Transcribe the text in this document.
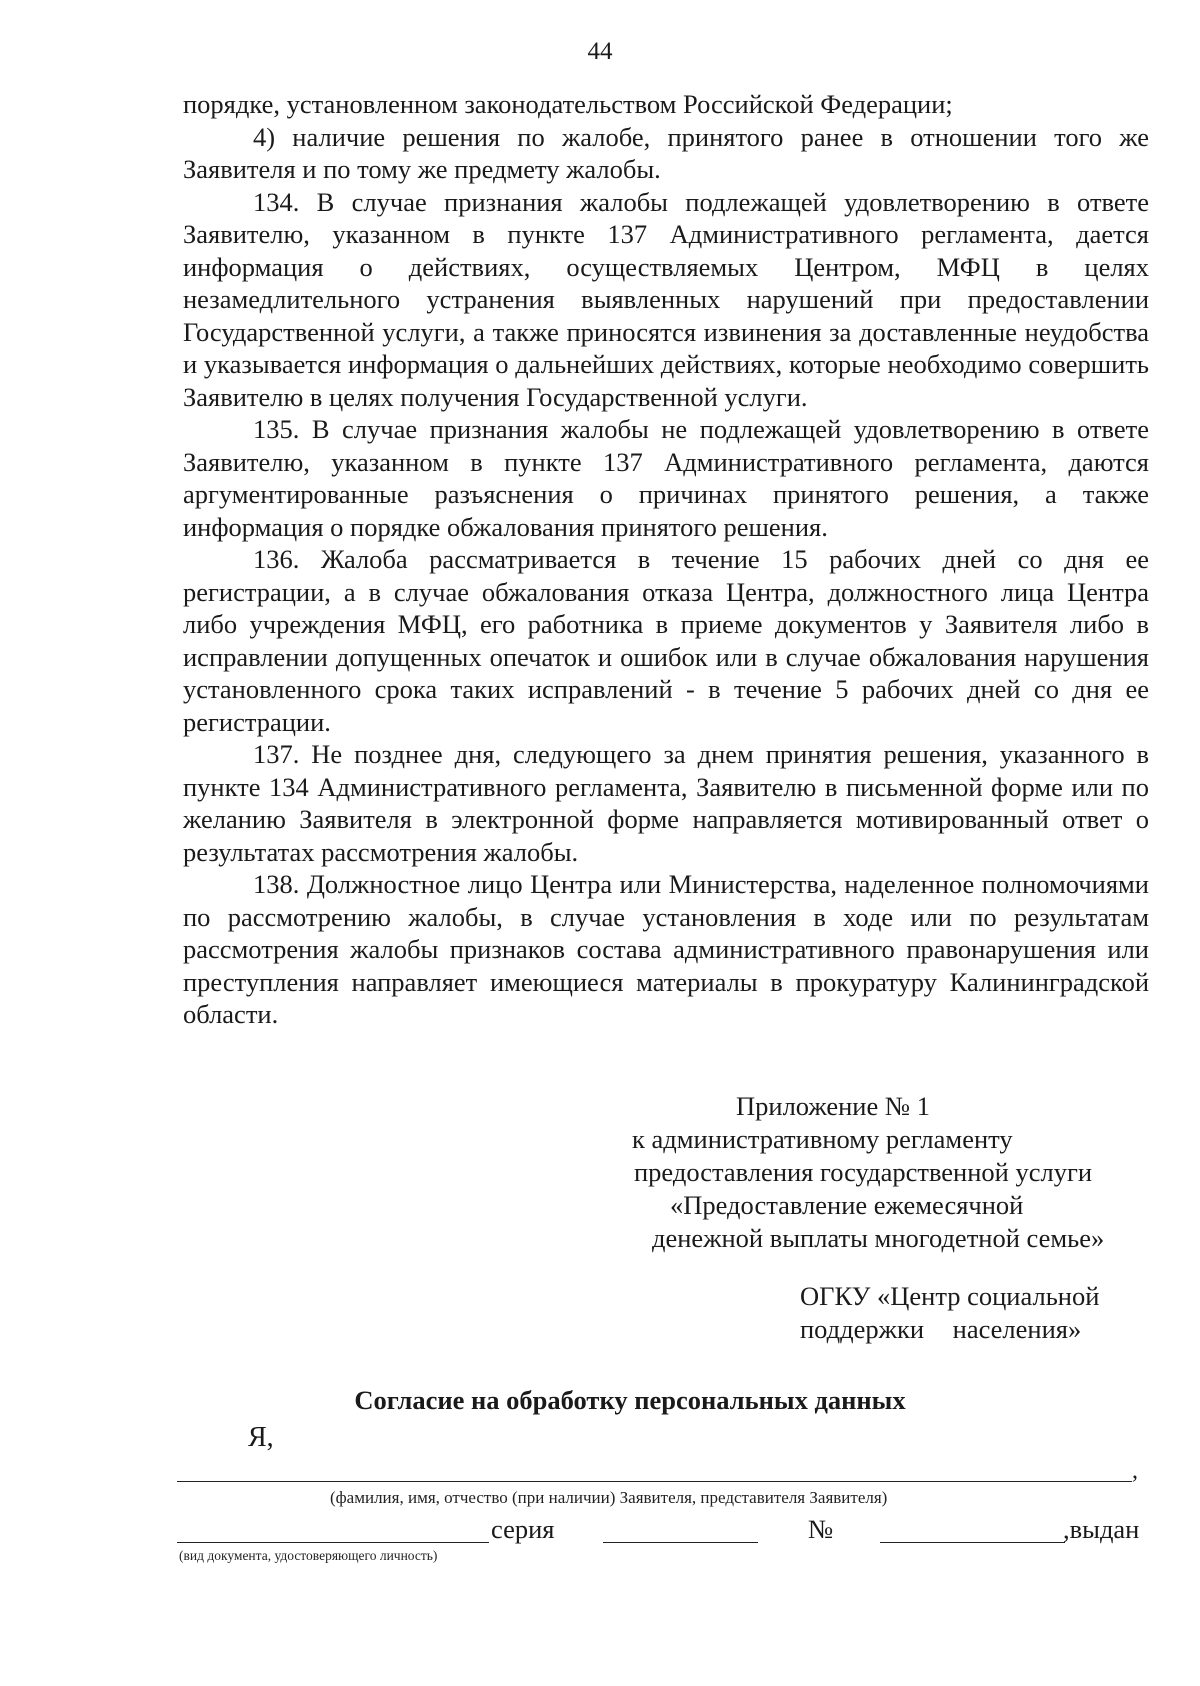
44

порядке, установленном законодательством Российской Федерации;

4) наличие решения по жалобе, принятого ранее в отношении того же Заявителя и по тому же предмету жалобы.

134. В случае признания жалобы подлежащей удовлетворению в ответе Заявителю, указанном в пункте 137 Административного регламента, дается информация о действиях, осуществляемых Центром, МФЦ в целях незамедлительного устранения выявленных нарушений при предоставлении Государственной услуги, а также приносятся извинения за доставленные неудобства и указывается информация о дальнейших действиях, которые необходимо совершить Заявителю в целях получения Государственной услуги.

135. В случае признания жалобы не подлежащей удовлетворению в ответе Заявителю, указанном в пункте 137 Административного регламента, даются аргументированные разъяснения о причинах принятого решения, а также информация о порядке обжалования принятого решения.

136. Жалоба рассматривается в течение 15 рабочих дней со дня ее регистрации, а в случае обжалования отказа Центра, должностного лица Центра либо учреждения МФЦ, его работника в приеме документов у Заявителя либо в исправлении допущенных опечаток и ошибок или в случае обжалования нарушения установленного срока таких исправлений - в течение 5 рабочих дней со дня ее регистрации.

137. Не позднее дня, следующего за днем принятия решения, указанного в пункте 134 Административного регламента, Заявителю в письменной форме или по желанию Заявителя в электронной форме направляется мотивированный ответ о результатах рассмотрения жалобы.

138. Должностное лицо Центра или Министерства, наделенное полномочиями по рассмотрению жалобы, в случае установления в ходе или по результатам рассмотрения жалобы признаков состава административного правонарушения или преступления направляет имеющиеся материалы в прокуратуру Калининградской области.

Приложение № 1
к административному регламенту
предоставления государственной услуги
«Предоставление ежемесячной
денежной выплаты многодетной семье»
ОГКУ «Центр социальной
поддержки населения»
Согласие на обработку персональных данных
Я,
,
(фамилия, имя, отчество (при наличии) Заявителя, представителя Заявителя)
серия	№	,выдан
(вид документа, удостоверяющего личность)
